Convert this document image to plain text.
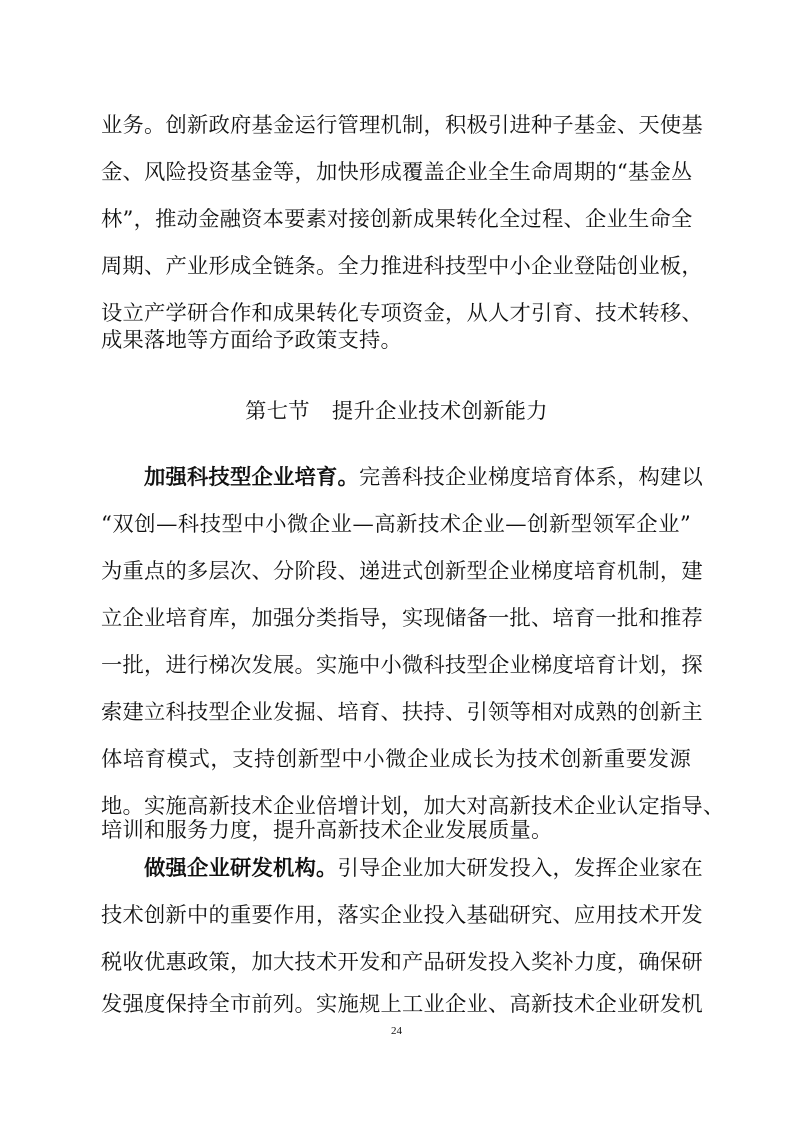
业务。创新政府基金运行管理机制，积极引进种子基金、天使基
金、风险投资基金等，加快形成覆盖企业全生命周期的“基金丛
林”，推动金融资本要素对接创新成果转化全过程、企业生命全
周期、产业形成全链条。全力推进科技型中小企业登陆创业板，
设立产学研合作和成果转化专项资金，从人才引育、技术转移、
成果落地等方面给予政策支持。
第七节 提升企业技术创新能力
加强科技型企业培育。完善科技企业梯度培育体系，构建以
“双创—科技型中小微企业—高新技术企业—创新型领军企业”
为重点的多层次、分阶段、递进式创新型企业梯度培育机制，建
立企业培育库，加强分类指导，实现储备一批、培育一批和推荐
一批，进行梯次发展。实施中小微科技型企业梯度培育计划，探
索建立科技型企业发掘、培育、扶持、引领等相对成熟的创新主
体培育模式，支持创新型中小微企业成长为技术创新重要发源
地。实施高新技术企业倍增计划，加大对高新技术企业认定指导、
培训和服务力度，提升高新技术企业发展质量。
做强企业研发机构。引导企业加大研发投入，发挥企业家在
技术创新中的重要作用，落实企业投入基础研究、应用技术开发
税收优惠政策，加大技术开发和产品研发投入奖补力度，确保研
发强度保持全市前列。实施规上工业企业、高新技术企业研发机
24
